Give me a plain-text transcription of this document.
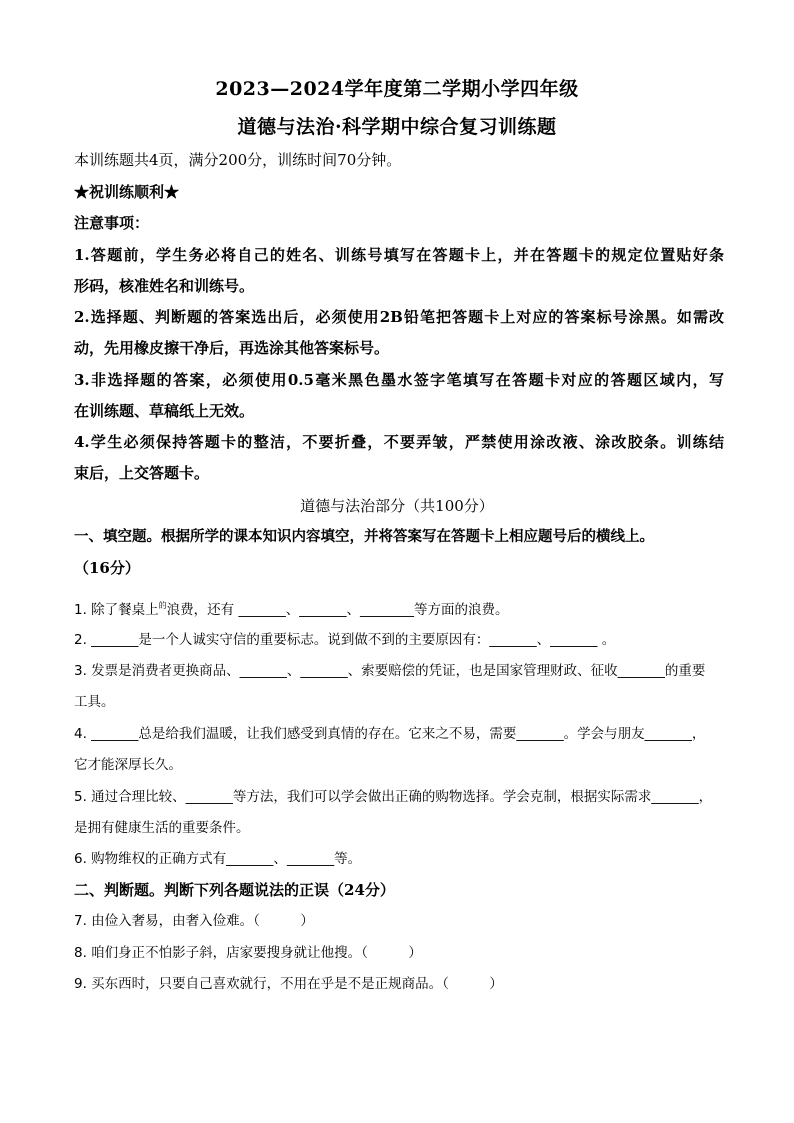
2023—2024学年度第二学期小学四年级
道德与法治·科学期中综合复习训练题
本训练题共4页，满分200分，训练时间70分钟。
★祝训练顺利★
注意事项：
1.答题前，学生务必将自己的姓名、训练号填写在答题卡上，并在答题卡的规定位置贴好条
形码，核准姓名和训练号。
2.选择题、判断题的答案选出后，必须使用2B铅笔把答题卡上对应的答案标号涂黑。如需改
动，先用橡皮擦干净后，再选涂其他答案标号。
3.非选择题的答案，必须使用0.5毫米黑色墨水签字笔填写在答题卡对应的答题区域内，写
在训练题、草稿纸上无效。
4.学生必须保持答题卡的整洁，不要折叠，不要弄皱，严禁使用涂改液、涂改胶条。训练结
束后，上交答题卡。
道德与法治部分（共100分）
一、填空题。根据所学的课本知识内容填空，并将答案写在答题卡上相应题号后的横线上。
（16分）
1. 除了餐桌上$^的$浪费，还有 _______、_______、________等方面的浪费。
2. _______是一个人诚实守信的重要标志。说到做不到的主要原因有：_______、_______ 。
3. 发票是消费者更换商品、_______、_______、索要赔偿的凭证，也是国家管理财政、征收_______的重要
工具。
4. _______总是给我们温暖，让我们感受到真情的存在。它来之不易，需要_______。学会与朋友_______，
它才能深厚长久。
5. 通过合理比较、_______等方法，我们可以学会做出正确的购物选择。学会克制，根据实际需求_______，
是拥有健康生活的重要条件。
6. 购物维权的正确方式有_______、_______等。
二、判断题。判断下列各题说法的正误（24分）
7. 由俭入奢易，由奢入俭难。（　　　）
8. 咱们身正不怕影子斜，店家要搜身就让他搜。（　　　）
9. 买东西时，只要自己喜欢就行，不用在乎是不是正规商品。（　　　）
